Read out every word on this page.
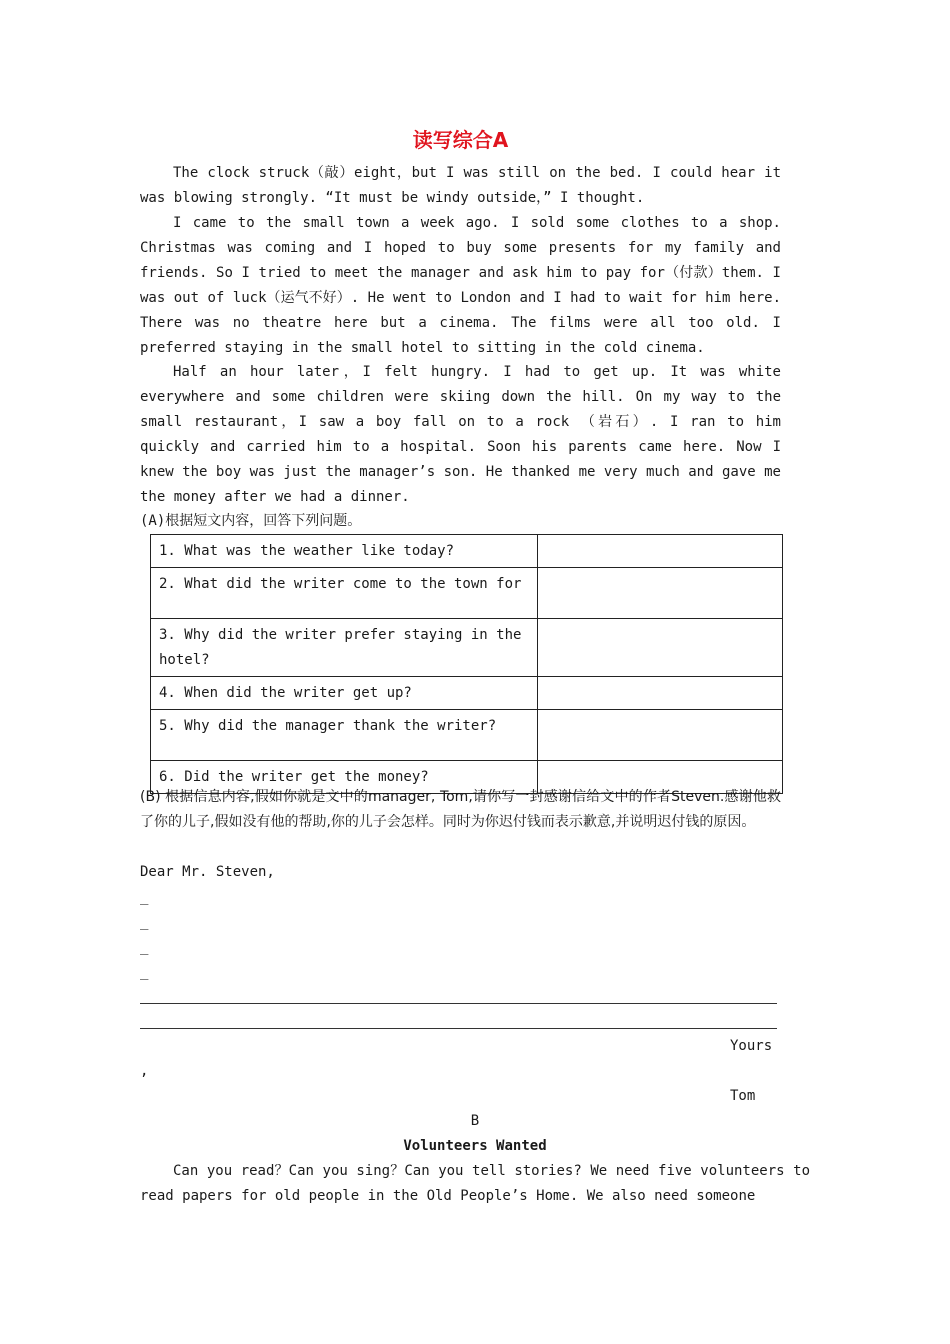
读写综合A

The clock struck（敲）eight，but I was still on the bed. I could hear it was blowing strongly. “It must be windy outside，” I thought.

I came to the small town a week ago. I sold some clothes to a shop. Christmas was coming and I hoped to buy some presents for my family and friends. So I tried to meet the manager and ask him to pay for（付款）them. I was out of luck（运气不好）. He went to London and I had to wait for him here. There was no theatre here but a cinema. The films were all too old. I preferred staying in the small hotel to sitting in the cold cinema.

Half an hour later，I felt hungry. I had to get up. It was white everywhere and some children were skiing down the hill. On my way to the small restaurant，I saw a boy fall on to a rock （岩石）. I ran to him quickly and carried him to a hospital. Soon his parents came here. Now I knew the boy was just the manager’s son. He thanked me very much and gave me the money after we had a dinner.

(A)根据短文内容，回答下列问题。
1. What was the weather like today?	
2. What did the writer come to the town for	
3. Why did the writer prefer staying in the hotel?	
4. When did the writer get up?	
5. Why did the manager thank the writer?	
6. Did the writer get the money?	

(B) 根据信息内容,假如你就是文中的manager, Tom,请你写一封感谢信给文中的作者Steven.感谢他救了你的儿子,假如没有他的帮助,你的儿子会怎样。同时为你迟付钱而表示歉意,并说明迟付钱的原因。

Dear Mr. Steven,
_
_
_
_
Yours
,
Tom
B
Volunteers Wanted

Can you read？Can you sing？Can you tell stories? We need five volunteers to read papers for old people in the Old People’s Home. We also need someone
